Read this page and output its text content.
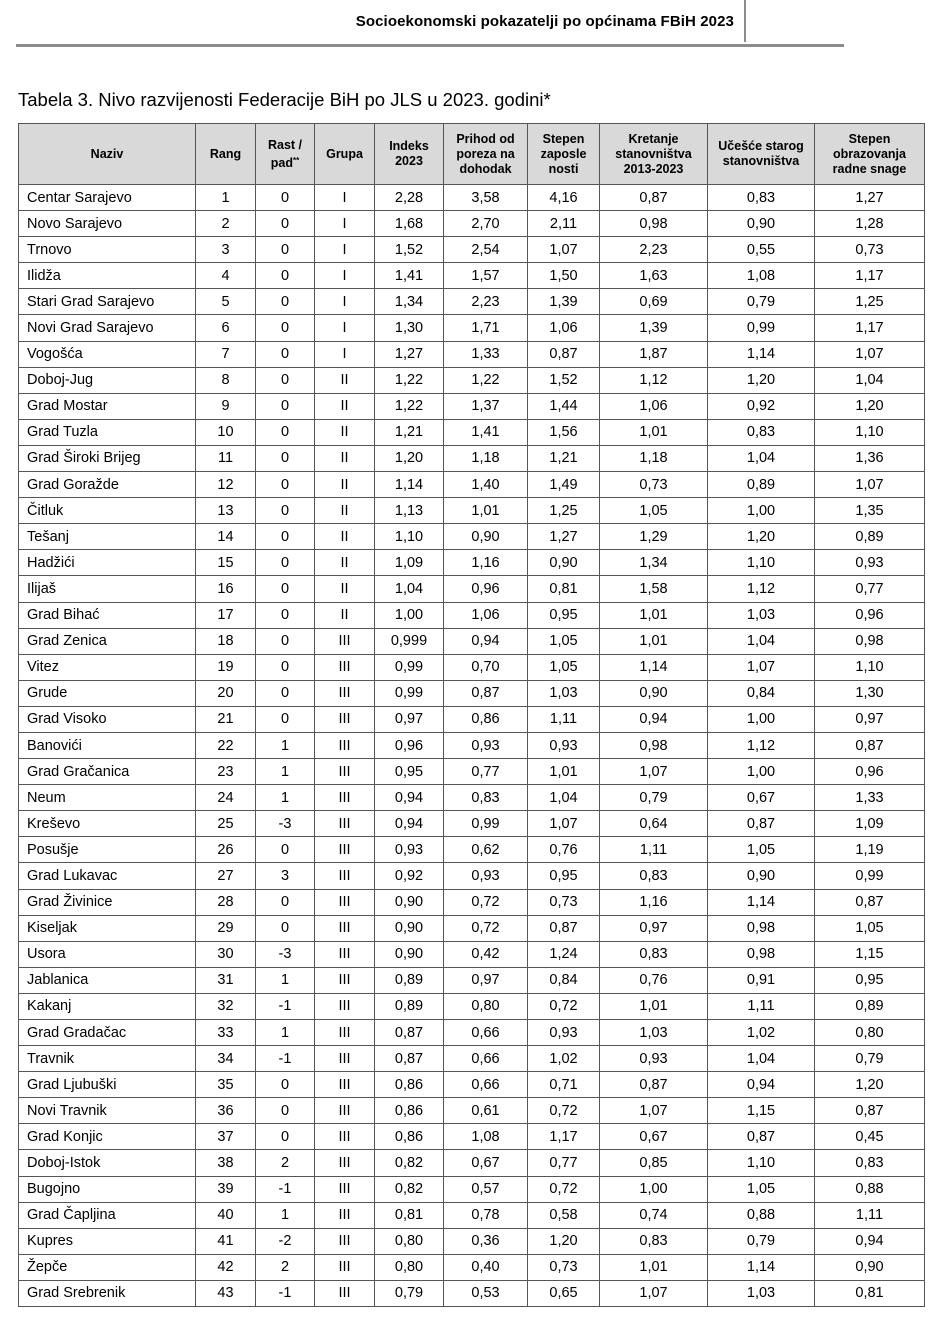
Socioekonomski pokazatelji po općinama FBiH 2023
Tabela 3. Nivo razvijenosti Federacije BiH po JLS u 2023. godini*
Naziv	Rang	Rast / pad**	Grupa	Indeks 2023	Prihod od poreza na dohodak	Stepen zaposle nosti	Kretanje stanovništva 2013-2023	Učešće starog stanovništva	Stepen obrazovanja radne snage
Centar Sarajevo	1	0	I	2,28	3,58	4,16	0,87	0,83	1,27
Novo Sarajevo	2	0	I	1,68	2,70	2,11	0,98	0,90	1,28
Trnovo	3	0	I	1,52	2,54	1,07	2,23	0,55	0,73
Ilidža	4	0	I	1,41	1,57	1,50	1,63	1,08	1,17
Stari Grad Sarajevo	5	0	I	1,34	2,23	1,39	0,69	0,79	1,25
Novi Grad Sarajevo	6	0	I	1,30	1,71	1,06	1,39	0,99	1,17
Vogošća	7	0	I	1,27	1,33	0,87	1,87	1,14	1,07
Doboj-Jug	8	0	II	1,22	1,22	1,52	1,12	1,20	1,04
Grad Mostar	9	0	II	1,22	1,37	1,44	1,06	0,92	1,20
Grad Tuzla	10	0	II	1,21	1,41	1,56	1,01	0,83	1,10
Grad Široki Brijeg	11	0	II	1,20	1,18	1,21	1,18	1,04	1,36
Grad Goražde	12	0	II	1,14	1,40	1,49	0,73	0,89	1,07
Čitluk	13	0	II	1,13	1,01	1,25	1,05	1,00	1,35
Tešanj	14	0	II	1,10	0,90	1,27	1,29	1,20	0,89
Hadžići	15	0	II	1,09	1,16	0,90	1,34	1,10	0,93
Ilijaš	16	0	II	1,04	0,96	0,81	1,58	1,12	0,77
Grad Bihać	17	0	II	1,00	1,06	0,95	1,01	1,03	0,96
Grad Zenica	18	0	III	0,999	0,94	1,05	1,01	1,04	0,98
Vitez	19	0	III	0,99	0,70	1,05	1,14	1,07	1,10
Grude	20	0	III	0,99	0,87	1,03	0,90	0,84	1,30
Grad Visoko	21	0	III	0,97	0,86	1,11	0,94	1,00	0,97
Banovići	22	1	III	0,96	0,93	0,93	0,98	1,12	0,87
Grad Gračanica	23	1	III	0,95	0,77	1,01	1,07	1,00	0,96
Neum	24	1	III	0,94	0,83	1,04	0,79	0,67	1,33
Kreševo	25	-3	III	0,94	0,99	1,07	0,64	0,87	1,09
Posušje	26	0	III	0,93	0,62	0,76	1,11	1,05	1,19
Grad Lukavac	27	3	III	0,92	0,93	0,95	0,83	0,90	0,99
Grad Živinice	28	0	III	0,90	0,72	0,73	1,16	1,14	0,87
Kiseljak	29	0	III	0,90	0,72	0,87	0,97	0,98	1,05
Usora	30	-3	III	0,90	0,42	1,24	0,83	0,98	1,15
Jablanica	31	1	III	0,89	0,97	0,84	0,76	0,91	0,95
Kakanj	32	-1	III	0,89	0,80	0,72	1,01	1,11	0,89
Grad Gradačac	33	1	III	0,87	0,66	0,93	1,03	1,02	0,80
Travnik	34	-1	III	0,87	0,66	1,02	0,93	1,04	0,79
Grad Ljubuški	35	0	III	0,86	0,66	0,71	0,87	0,94	1,20
Novi Travnik	36	0	III	0,86	0,61	0,72	1,07	1,15	0,87
Grad Konjic	37	0	III	0,86	1,08	1,17	0,67	0,87	0,45
Doboj-Istok	38	2	III	0,82	0,67	0,77	0,85	1,10	0,83
Bugojno	39	-1	III	0,82	0,57	0,72	1,00	1,05	0,88
Grad Čapljina	40	1	III	0,81	0,78	0,58	0,74	0,88	1,11
Kupres	41	-2	III	0,80	0,36	1,20	0,83	0,79	0,94
Žepče	42	2	III	0,80	0,40	0,73	1,01	1,14	0,90
Grad Srebrenik	43	-1	III	0,79	0,53	0,65	1,07	1,03	0,81
